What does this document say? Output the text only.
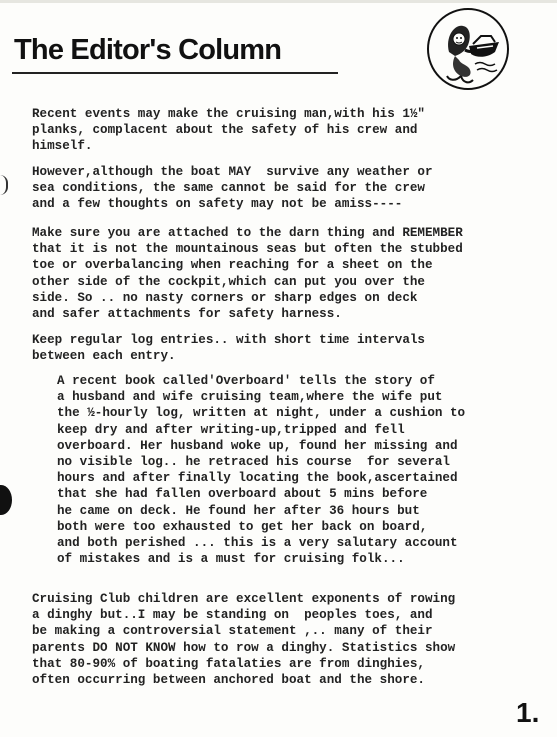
The Editor's Column

Recent events may make the cruising man,with his 1½"
planks, complacent about the safety of his crew and
himself.

However,although the boat MAY  survive any weather or
sea conditions, the same cannot be said for the crew
and a few thoughts on safety may not be amiss----

Make sure you are attached to the darn thing and REMEMBER
that it is not the mountainous seas but often the stubbed
toe or overbalancing when reaching for a sheet on the
other side of the cockpit,which can put you over the
side. So .. no nasty corners or sharp edges on deck
and safer attachments for safety harness.

Keep regular log entries.. with short time intervals
between each entry.

A recent book called'Overboard' tells the story of
a husband and wife cruising team,where the wife put
the ½-hourly log, written at night, under a cushion to
keep dry and after writing-up,tripped and fell
overboard. Her husband woke up, found her missing and
no visible log.. he retraced his course  for several
hours and after finally locating the book,ascertained
that she had fallen overboard about 5 mins before
he came on deck. He found her after 36 hours but
both were too exhausted to get her back on board,
and both perished ... this is a very salutary account
of mistakes and is a must for cruising folk...

Cruising Club children are excellent exponents of rowing
a dinghy but..I may be standing on  peoples toes, and
be making a controversial statement ,.. many of their
parents DO NOT KNOW how to row a dinghy. Statistics show
that 80-90% of boating fatalaties are from dinghies,
often occurring between anchored boat and the shore.

1.
